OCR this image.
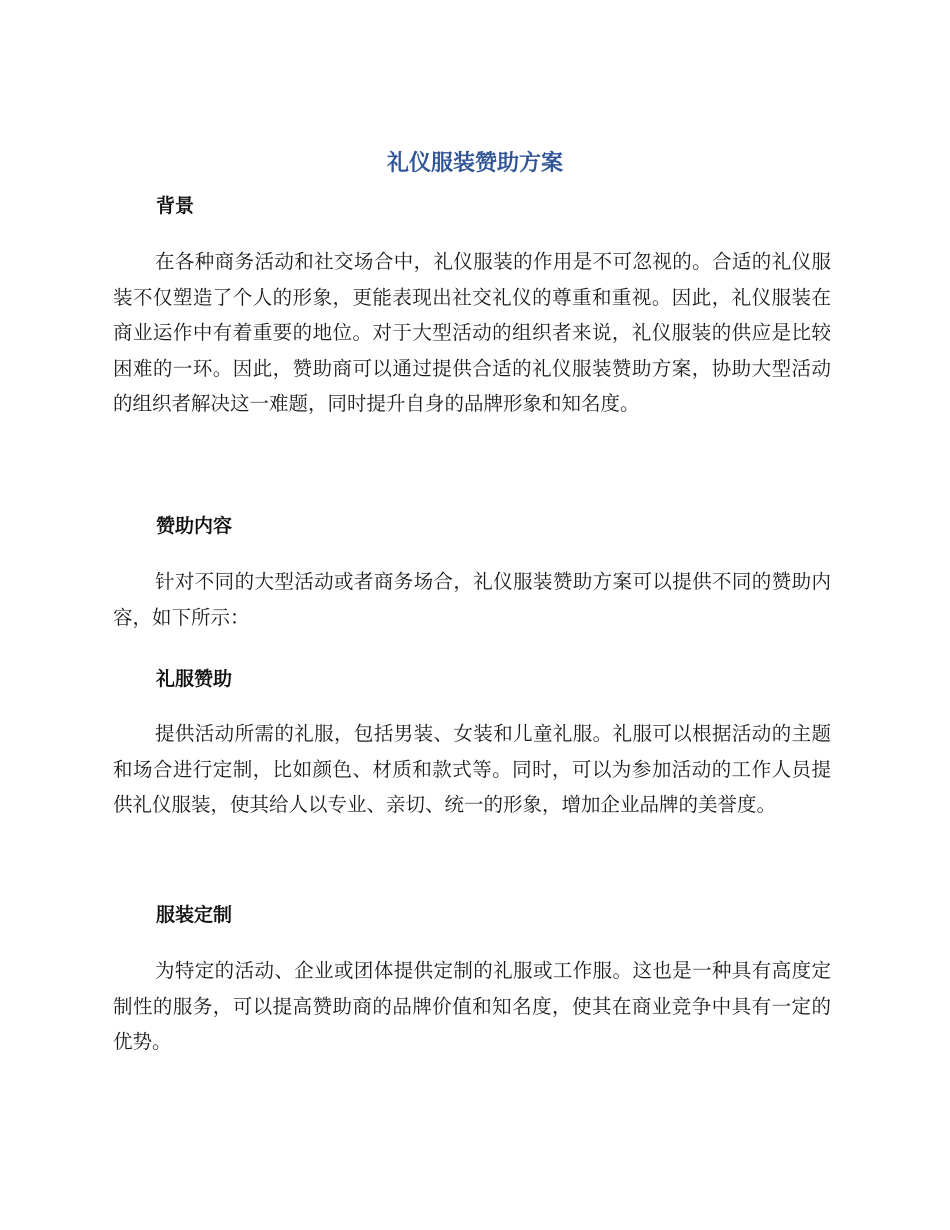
礼仪服装赞助方案
背景

在各种商务活动和社交场合中，礼仪服装的作用是不可忽视的。合适的礼仪服装不仅塑造了个人的形象，更能表现出社交礼仪的尊重和重视。因此，礼仪服装在商业运作中有着重要的地位。对于大型活动的组织者来说，礼仪服装的供应是比较困难的一环。因此，赞助商可以通过提供合适的礼仪服装赞助方案，协助大型活动的组织者解决这一难题，同时提升自身的品牌形象和知名度。

赞助内容

针对不同的大型活动或者商务场合，礼仪服装赞助方案可以提供不同的赞助内容，如下所示：

礼服赞助

提供活动所需的礼服，包括男装、女装和儿童礼服。礼服可以根据活动的主题和场合进行定制，比如颜色、材质和款式等。同时，可以为参加活动的工作人员提供礼仪服装，使其给人以专业、亲切、统一的形象，增加企业品牌的美誉度。

服装定制

为特定的活动、企业或团体提供定制的礼服或工作服。这也是一种具有高度定制性的服务，可以提高赞助商的品牌价值和知名度，使其在商业竞争中具有一定的优势。
